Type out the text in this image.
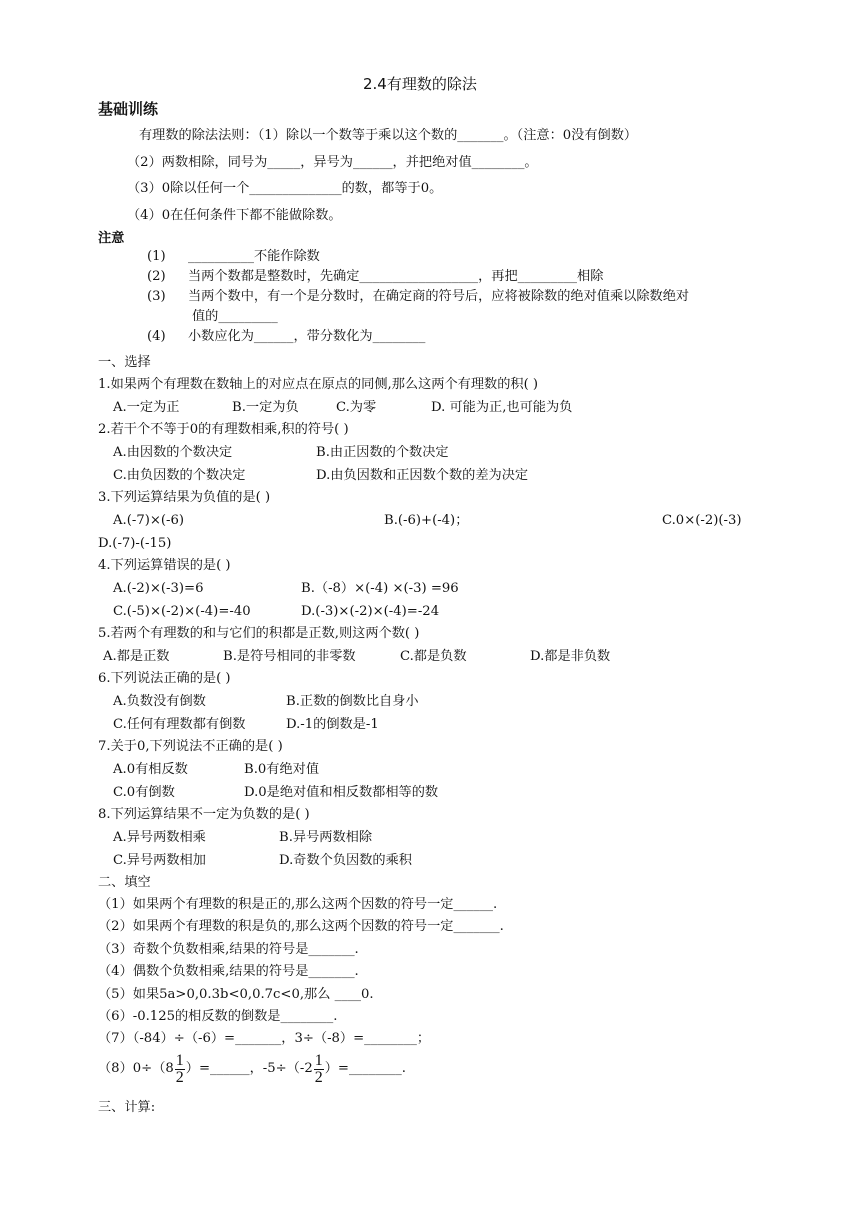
2.4有理数的除法
基础训练
有理数的除法法则：（1）除以一个数等于乘以这个数的_______。（注意：0没有倒数）
（2）两数相除，同号为_____，异号为______，并把绝对值________。
（3）0除以任何一个______________的数，都等于0。
（4）0在任何条件下都不能做除数。
注意
(1) __________不能作除数
(2) 当两个数都是整数时，先确定__________________，再把_________相除
(3) 当两个数中，有一个是分数时，在确定商的符号后，应将被除数的绝对值乘以除数绝对
值的_________
(4) 小数应化为______，带分数化为________
一、选择
1.如果两个有理数在数轴上的对应点在原点的同侧,那么这两个有理数的积( )
A.一定为正	B.一定为负	C.为零	D. 可能为正,也可能为负
2.若干个不等于0的有理数相乘,积的符号( )
A.由因数的个数决定	B.由正因数的个数决定
C.由负因数的个数决定	D.由负因数和正因数个数的差为决定
3.下列运算结果为负值的是( )
A.(-7)×(-6)	B.(-6)+(-4)；	C.0×(-2)(-3)
D.(-7)-(-15)
4.下列运算错误的是( )
A.(-2)×(-3)=6	B.（-8）×(-4) ×(-3) =96
C.(-5)×(-2)×(-4)=-40	D.(-3)×(-2)×(-4)=-24
5.若两个有理数的和与它们的积都是正数,则这两个数( )
A.都是正数	B.是符号相同的非零数	C.都是负数	D.都是非负数
6.下列说法正确的是( )
A.负数没有倒数	B.正数的倒数比自身小
C.任何有理数都有倒数	D.-1的倒数是-1
7.关于0,下列说法不正确的是( )
A.0有相反数	B.0有绝对值
C.0有倒数	D.0是绝对值和相反数都相等的数
8.下列运算结果不一定为负数的是( )
A.异号两数相乘	B.异号两数相除
C.异号两数相加	D.奇数个负因数的乘积
二、填空
（1）如果两个有理数的积是正的,那么这两个因数的符号一定______.
（2）如果两个有理数的积是负的,那么这两个因数的符号一定_______.
（3）奇数个负数相乘,结果的符号是_______.
（4）偶数个负数相乘,结果的符号是_______.
（5）如果5a>0,0.3b<0,0.7c<0,那么 ____0.
（6）-0.125的相反数的倒数是________.
（7）（-84）÷（-6）=_______，3÷（-8）=________；
$(8)0\div(8 \frac{1}{2}$ ）=______，$-5\div(-2 \frac{1}{2}$ ）=________.
三、计算:
